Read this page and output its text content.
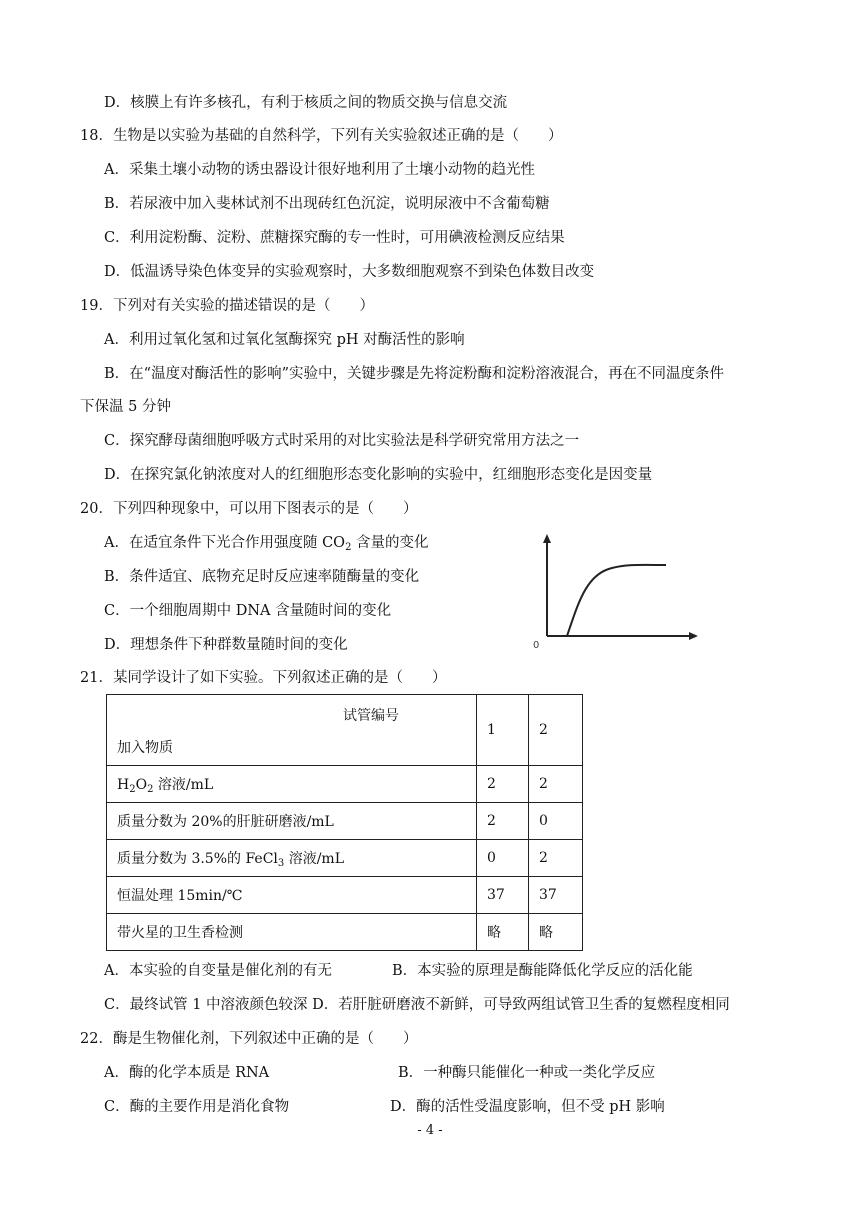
D．核膜上有许多核孔，有利于核质之间的物质交换与信息交流
18．生物是以实验为基础的自然科学，下列有关实验叙述正确的是（　　）
A．采集土壤小动物的诱虫器设计很好地利用了土壤小动物的趋光性
B．若尿液中加入斐林试剂不出现砖红色沉淀，说明尿液中不含葡萄糖
C．利用淀粉酶、淀粉、蔗糖探究酶的专一性时，可用碘液检测反应结果
D．低温诱导染色体变异的实验观察时，大多数细胞观察不到染色体数目改变
19．下列对有关实验的描述错误的是（　　）
A．利用过氧化氢和过氧化氢酶探究 pH 对酶活性的影响
B．在“温度对酶活性的影响”实验中，关键步骤是先将淀粉酶和淀粉溶液混合，再在不同温度条件
下保温 5 分钟
C．探究酵母菌细胞呼吸方式时采用的对比实验法是科学研究常用方法之一
D．在探究氯化钠浓度对人的红细胞形态变化影响的实验中，红细胞形态变化是因变量
20．下列四种现象中，可以用下图表示的是（　　）
A．在适宜条件下光合作用强度随 $CO_2$ 含量的变化
B．条件适宜、底物充足时反应速率随酶量的变化
C．一个细胞周期中 DNA 含量随时间的变化
D．理想条件下种群数量随时间的变化	0
21．某同学设计了如下实验。下列叙述正确的是（　　）
试管编号
加入物质	1	2
$H_2O_2$ 溶液/mL	2	2
质量分数为 20%的肝脏研磨液/mL	2	0
质量分数为 3.5%的 FeCl$_3$ 溶液/mL	0	2
恒温处理 15min/℃	37	37
带火星的卫生香检测	略	略
A．本实验的自变量是催化剂的有无	B．本实验的原理是酶能降低化学反应的活化能
C．最终试管 1 中溶液颜色较深 D．若肝脏研磨液不新鲜，可导致两组试管卫生香的复燃程度相同
22．酶是生物催化剂，下列叙述中正确的是（　　）
A．酶的化学本质是 RNA	B．一种酶只能催化一种或一类化学反应
C．酶的主要作用是消化食物	D．酶的活性受温度影响，但不受 pH 影响
- 4 -
